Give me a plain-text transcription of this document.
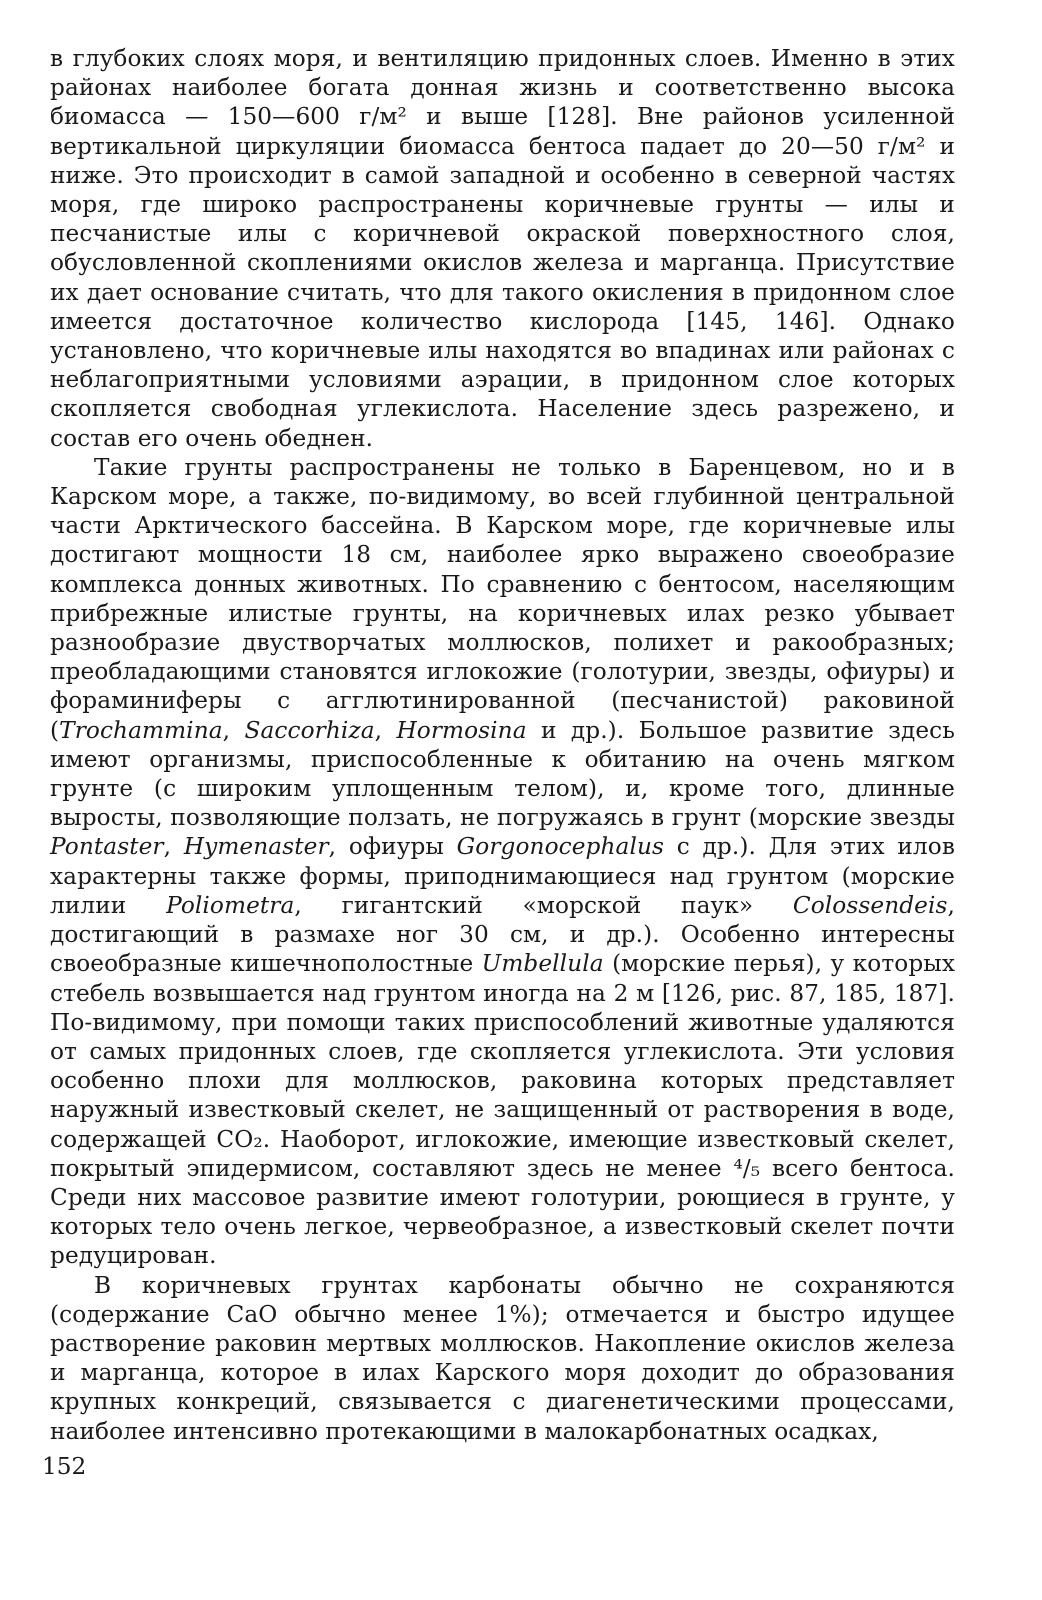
в глубоких слоях моря, и вентиляцию придонных слоев. Именно в этих районах наиболее богата донная жизнь и соответственно высока биомасса — 150—600 г/м² и выше [128]. Вне районов усиленной вертикальной циркуляции биомасса бентоса падает до 20—50 г/м² и ниже. Это происходит в самой западной и особенно в северной частях моря, где широко распространены коричневые грунты — илы и песчанистые илы с коричневой окраской поверхностного слоя, обусловленной скоплениями окислов железа и марганца. Присутствие их дает основание считать, что для такого окисления в придонном слое имеется достаточное количество кислорода [145, 146]. Однако установлено, что коричневые илы находятся во впадинах или районах с неблагоприятными условиями аэрации, в придонном слое которых скопляется свободная углекислота. Население здесь разрежено, и состав его очень обеднен.

Такие грунты распространены не только в Баренцевом, но и в Карском море, а также, по-видимому, во всей глубинной центральной части Арктического бассейна. В Карском море, где коричневые илы достигают мощности 18 см, наиболее ярко выражено своеобразие комплекса донных животных. По сравнению с бентосом, населяющим прибрежные илистые грунты, на коричневых илах резко убывает разнообразие двустворчатых моллюсков, полихет и ракообразных; преобладающими становятся иглокожие (голотурии, звезды, офиуры) и фораминиферы с агглютинированной (песчанистой) раковиной (Trochammina, Saccorhiza, Hormosina и др.). Большое развитие здесь имеют организмы, приспособленные к обитанию на очень мягком грунте (с широким уплощенным телом), и, кроме того, длинные выросты, позволяющие ползать, не погружаясь в грунт (морские звезды Pontaster, Hymenaster, офиуры Gorgonocephalus с др.). Для этих илов характерны также формы, приподнимающиеся над грунтом (морские лилии Poliometra, гигантский «морской паук» Colossendeis, достигающий в размахе ног 30 см, и др.). Особенно интересны своеобразные кишечнополостные Umbellula (морские перья), у которых стебель возвышается над грунтом иногда на 2 м [126, рис. 87, 185, 187]. По-видимому, при помощи таких приспособлений животные удаляются от самых придонных слоев, где скопляется углекислота. Эти условия особенно плохи для моллюсков, раковина которых представляет наружный известковый скелет, не защищенный от растворения в воде, содержащей CO₂. Наоборот, иглокожие, имеющие известковый скелет, покрытый эпидермисом, составляют здесь не менее ⁴/₅ всего бентоса. Среди них массовое развитие имеют голотурии, роющиеся в грунте, у которых тело очень легкое, червеобразное, а известковый скелет почти редуцирован.

В коричневых грунтах карбонаты обычно не сохраняются (содержание CaO обычно менее 1%); отмечается и быстро идущее растворение раковин мертвых моллюсков. Накопление окислов железа и марганца, которое в илах Карского моря доходит до образования крупных конкреций, связывается с диагенетическими процессами, наиболее интенсивно протекающими в малокарбонатных осадках,

152
